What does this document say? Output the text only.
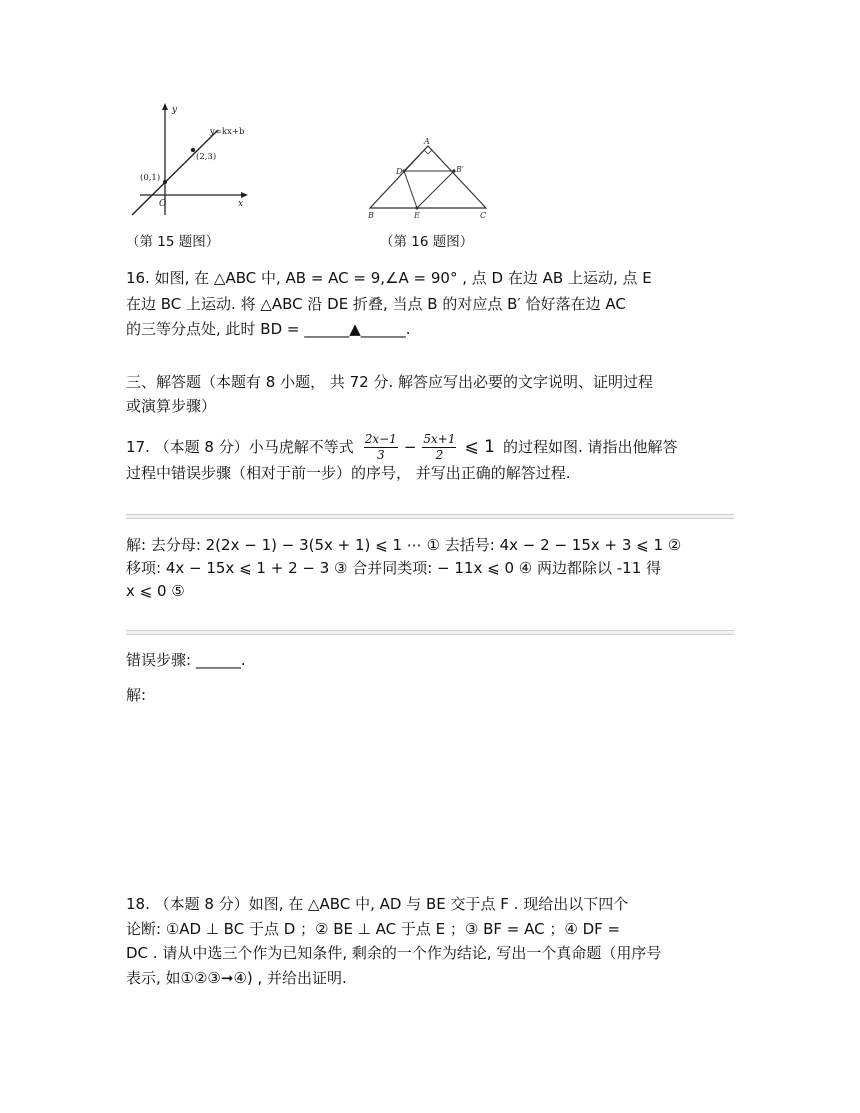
y
x
O
y=kx+b
(2,3)
(0,1)
（第 15 题图）
A
D	B′
B	E	C
（第 16 题图）
16. 如图, 在 △ABC 中, AB = AC = 9,∠A = 90° , 点 D 在边 AB 上运动, 点 E
在边 BC 上运动. 将 △ABC 沿 DE 折叠, 当点 B 的对应点 B′ 恰好落在边 AC
的三等分点处, 此时 BD = ______▲______.
三、解答题（本题有 8 小题， 共 72 分. 解答应写出必要的文字说明、证明过程
或演算步骤）
17. （本题 8 分）小马虎解不等式 $\frac{2x-1}{3} - \frac{5x+1}{2}$ ⩽ 1 的过程如图. 请指出他解答
过程中错误步骤（相对于前一步）的序号， 并写出正确的解答过程.
解: 去分母: 2(2x − 1) − 3(5x + 1) ⩽ 1 ⋯ ① 去括号: 4x − 2 − 15x + 3 ⩽ 1 ②
移项: 4x − 15x ⩽ 1 + 2 − 3 ③ 合并同类项: − 11x ⩽ 0 ④ 两边都除以 -11 得
x ⩽ 0 ⑤
错误步骤: ______.
解:
18. （本题 8 分）如图, 在 △ABC 中, AD 与 BE 交于点 F . 现给出以下四个
论断: ①AD ⊥ BC 于点 D ；② BE ⊥ AC 于点 E ；③ BF = AC ；④ DF =
DC . 请从中选三个作为已知条件, 剩余的一个作为结论, 写出一个真命题（用序号
表示, 如①②③➞④) , 并给出证明.
